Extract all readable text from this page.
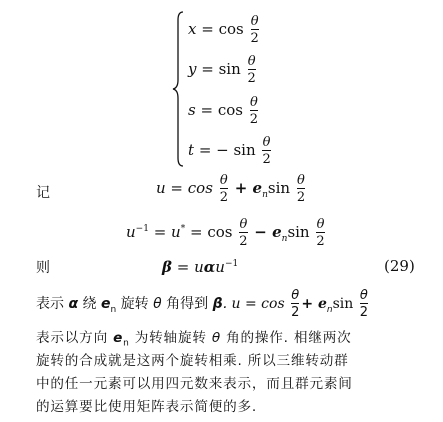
$x = \cos \frac{\theta}{2}$
$y = \sin \frac{\theta}{2}$
$s = \cos \frac{\theta}{2}$
t = − $\sin \frac{\theta}{2}$
记	$u = \cos \frac{\theta}{2} + e_n\sin \frac{\theta}{2}$
$u^{-1} = u^* = \cos \frac{\theta}{2} - e_n\sin \frac{\theta}{2}$
则	β = uαu$^{-1}$	(29)
表示 α 绕 $e_n$ 旋转 θ 角得到 β. $u = \cos \frac{\theta}{2} + e_n\sin \frac{\theta}{2}$
表示以方向 $e_n$ 为转轴旋转 θ 角的操作. 相继两次
旋转的合成就是这两个旋转相乘. 所以三维转动群
中的任一元素可以用四元数来表示，而且群元素间
的运算要比使用矩阵表示简便的多.
